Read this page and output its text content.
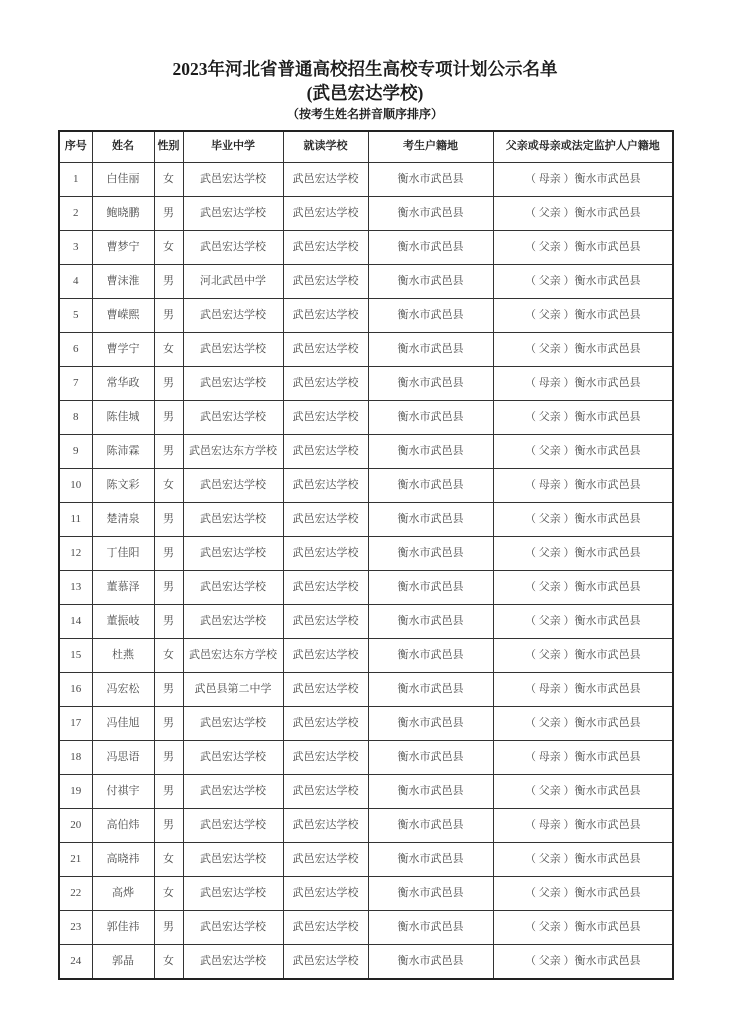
2023年河北省普通高校招生高校专项计划公示名单
(武邑宏达学校)
（按考生姓名拼音顺序排序）
序号	姓名	性别	毕业中学	就读学校	考生户籍地	父亲或母亲或法定监护人户籍地
1	白佳丽	女	武邑宏达学校	武邑宏达学校	衡水市武邑县	（ 母亲 ）衡水市武邑县
2	鲍晓鹏	男	武邑宏达学校	武邑宏达学校	衡水市武邑县	（ 父亲 ）衡水市武邑县
3	曹梦宁	女	武邑宏达学校	武邑宏达学校	衡水市武邑县	（ 父亲 ）衡水市武邑县
4	曹沫淮	男	河北武邑中学	武邑宏达学校	衡水市武邑县	（ 父亲 ）衡水市武邑县
5	曹嵘熙	男	武邑宏达学校	武邑宏达学校	衡水市武邑县	（ 父亲 ）衡水市武邑县
6	曹学宁	女	武邑宏达学校	武邑宏达学校	衡水市武邑县	（ 父亲 ）衡水市武邑县
7	常华政	男	武邑宏达学校	武邑宏达学校	衡水市武邑县	（ 母亲 ）衡水市武邑县
8	陈佳城	男	武邑宏达学校	武邑宏达学校	衡水市武邑县	（ 父亲 ）衡水市武邑县
9	陈沛霖	男	武邑宏达东方学校	武邑宏达学校	衡水市武邑县	（ 父亲 ）衡水市武邑县
10	陈文彩	女	武邑宏达学校	武邑宏达学校	衡水市武邑县	（ 母亲 ）衡水市武邑县
11	楚清泉	男	武邑宏达学校	武邑宏达学校	衡水市武邑县	（ 父亲 ）衡水市武邑县
12	丁佳阳	男	武邑宏达学校	武邑宏达学校	衡水市武邑县	（ 父亲 ）衡水市武邑县
13	董慕泽	男	武邑宏达学校	武邑宏达学校	衡水市武邑县	（ 父亲 ）衡水市武邑县
14	董振岐	男	武邑宏达学校	武邑宏达学校	衡水市武邑县	（ 父亲 ）衡水市武邑县
15	杜燕	女	武邑宏达东方学校	武邑宏达学校	衡水市武邑县	（ 父亲 ）衡水市武邑县
16	冯宏松	男	武邑县第二中学	武邑宏达学校	衡水市武邑县	（ 母亲 ）衡水市武邑县
17	冯佳旭	男	武邑宏达学校	武邑宏达学校	衡水市武邑县	（ 父亲 ）衡水市武邑县
18	冯思语	男	武邑宏达学校	武邑宏达学校	衡水市武邑县	（ 母亲 ）衡水市武邑县
19	付祺宇	男	武邑宏达学校	武邑宏达学校	衡水市武邑县	（ 父亲 ）衡水市武邑县
20	高伯炜	男	武邑宏达学校	武邑宏达学校	衡水市武邑县	（ 母亲 ）衡水市武邑县
21	高晓祎	女	武邑宏达学校	武邑宏达学校	衡水市武邑县	（ 父亲 ）衡水市武邑县
22	高烨	女	武邑宏达学校	武邑宏达学校	衡水市武邑县	（ 父亲 ）衡水市武邑县
23	郭佳祎	男	武邑宏达学校	武邑宏达学校	衡水市武邑县	（ 父亲 ）衡水市武邑县
24	郭晶	女	武邑宏达学校	武邑宏达学校	衡水市武邑县	（ 父亲 ）衡水市武邑县
